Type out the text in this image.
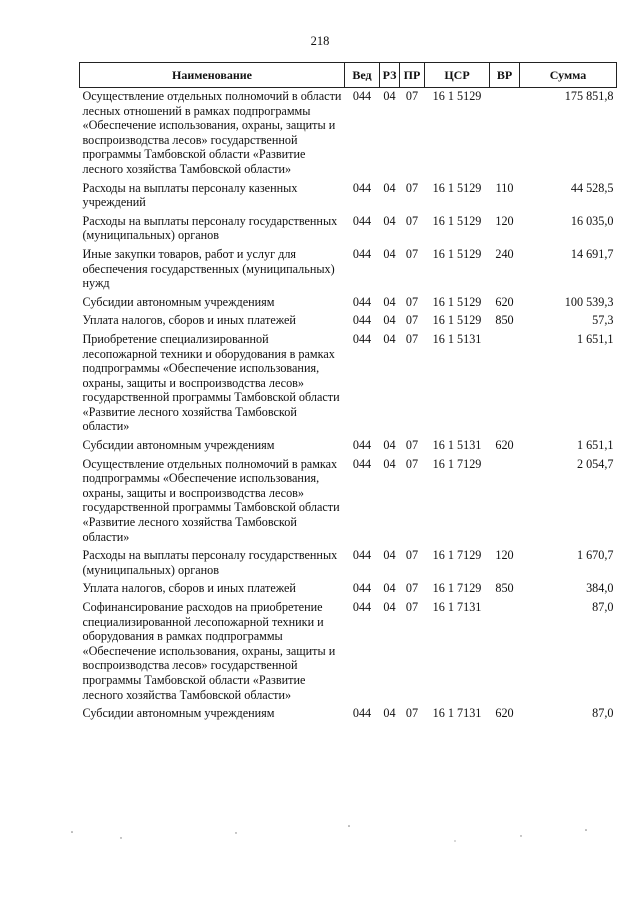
218
Наименование	Вед	РЗ	ПР	ЦСР	ВР	Сумма
Осуществление отдельных полномочий в области лесных отношений в рамках подпрограммы «Обеспечение использования, охраны, защиты и воспроизводства лесов» государственной программы Тамбовской области «Развитие лесного хозяйства Тамбовской области»	044	04	07	16 1 5129		175 851,8
Расходы на выплаты персоналу казенных учреждений	044	04	07	16 1 5129	110	44 528,5
Расходы на выплаты персоналу государственных (муниципальных) органов	044	04	07	16 1 5129	120	16 035,0
Иные закупки товаров, работ и услуг для обеспечения государственных (муниципальных) нужд	044	04	07	16 1 5129	240	14 691,7
Субсидии автономным учреждениям	044	04	07	16 1 5129	620	100 539,3
Уплата налогов, сборов и иных платежей	044	04	07	16 1 5129	850	57,3
Приобретение специализированной лесопожарной техники и оборудования в рамках подпрограммы «Обеспечение использования, охраны, защиты и воспроизводства лесов» государственной программы Тамбовской области «Развитие лесного хозяйства Тамбовской области»	044	04	07	16 1 5131		1 651,1
Субсидии автономным учреждениям	044	04	07	16 1 5131	620	1 651,1
Осуществление отдельных полномочий в рамках подпрограммы «Обеспечение использования, охраны, защиты и воспроизводства лесов» государственной программы Тамбовской области «Развитие лесного хозяйства Тамбовской области»	044	04	07	16 1 7129		2 054,7
Расходы на выплаты персоналу государственных (муниципальных) органов	044	04	07	16 1 7129	120	1 670,7
Уплата налогов, сборов и иных платежей	044	04	07	16 1 7129	850	384,0
Софинансирование расходов на приобретение специализированной лесопожарной техники и оборудования в рамках подпрограммы «Обеспечение использования, охраны, защиты и воспроизводства лесов» государственной программы Тамбовской области «Развитие лесного хозяйства Тамбовской области»	044	04	07	16 1 7131		87,0
Субсидии автономным учреждениям	044	04	07	16 1 7131	620	87,0
